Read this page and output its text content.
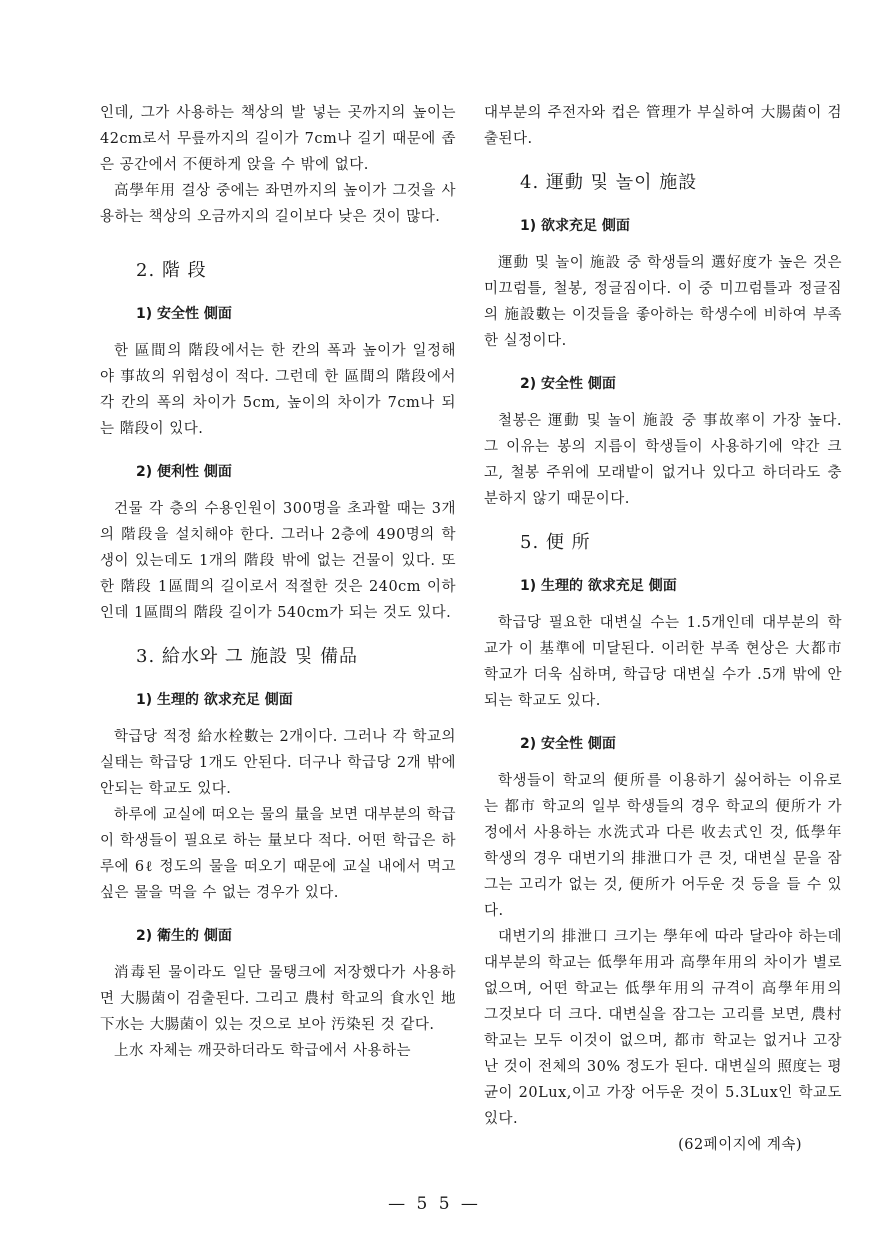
인데, 그가 사용하는 책상의 발 넣는 곳까지의 높이는 42cm로서 무릎까지의 길이가 7cm나 길기 때문에 좁은 공간에서 不便하게 앉을 수 밖에 없다.

高學年用 걸상 중에는 좌면까지의 높이가 그것을 사용하는 책상의 오금까지의 길이보다 낮은 것이 많다.

2. 階 段
1) 安全性 側面

한 區間의 階段에서는 한 칸의 폭과 높이가 일정해야 事故의 위험성이 적다. 그런데 한 區間의 階段에서 각 칸의 폭의 차이가 5cm, 높이의 차이가 7cm나 되는 階段이 있다.

2) 便利性 側面

건물 각 층의 수용인원이 300명을 초과할 때는 3개의 階段을 설치해야 한다. 그러나 2층에 490명의 학생이 있는데도 1개의 階段 밖에 없는 건물이 있다. 또한 階段 1區間의 길이로서 적절한 것은 240cm 이하인데 1區間의 階段 길이가 540cm가 되는 것도 있다.

3. 給水와 그 施設 및 備品
1) 生理的 欲求充足 側面

학급당 적정 給水栓數는 2개이다. 그러나 각 학교의 실태는 학급당 1개도 안된다. 더구나 학급당 2개 밖에 안되는 학교도 있다.

하루에 교실에 떠오는 물의 量을 보면 대부분의 학급이 학생들이 필요로 하는 量보다 적다. 어떤 학급은 하루에 6ℓ 정도의 물을 떠오기 때문에 교실 내에서 먹고 싶은 물을 먹을 수 없는 경우가 있다.

2) 衛生的 側面

消毒된 물이라도 일단 물탱크에 저장했다가 사용하면 大腸菌이 검출된다. 그리고 農村 학교의 食水인 地下水는 大腸菌이 있는 것으로 보아 汚染된 것 같다.

上水 자체는 깨끗하더라도 학급에서 사용하는

대부분의 주전자와 컵은 管理가 부실하여 大腸菌이 검출된다.

4. 運動 및 놀이 施設
1) 欲求充足 側面

運動 및 놀이 施設 중 학생들의 選好度가 높은 것은 미끄럼틀, 철봉, 정글짐이다. 이 중 미끄럼틀과 정글짐의 施設數는 이것들을 좋아하는 학생수에 비하여 부족한 실정이다.

2) 安全性 側面

철봉은 運動 및 놀이 施設 중 事故率이 가장 높다. 그 이유는 봉의 지름이 학생들이 사용하기에 약간 크고, 철봉 주위에 모래밭이 없거나 있다고 하더라도 충분하지 않기 때문이다.

5. 便 所
1) 生理的 欲求充足 側面

학급당 필요한 대변실 수는 1.5개인데 대부분의 학교가 이 基準에 미달된다. 이러한 부족 현상은 大都市 학교가 더욱 심하며, 학급당 대변실 수가 .5개 밖에 안되는 학교도 있다.

2) 安全性 側面

학생들이 학교의 便所를 이용하기 싫어하는 이유로는 都市 학교의 일부 학생들의 경우 학교의 便所가 가정에서 사용하는 水洗式과 다른 收去式인 것, 低學年 학생의 경우 대변기의 排泄口가 큰 것, 대변실 문을 잠그는 고리가 없는 것, 便所가 어두운 것 등을 들 수 있다.

대변기의 排泄口 크기는 學年에 따라 달라야 하는데 대부분의 학교는 低學年用과 高學年用의 차이가 별로 없으며, 어떤 학교는 低學年用의 규격이 高學年用의 그것보다 더 크다. 대변실을 잠그는 고리를 보면, 農村 학교는 모두 이것이 없으며, 都市 학교는 없거나 고장난 것이 전체의 30% 정도가 된다. 대변실의 照度는 평균이 20Lux,이고 가장 어두운 것이 5.3Lux인 학교도 있다.

(62페이지에 계속)

— 5 5 —
